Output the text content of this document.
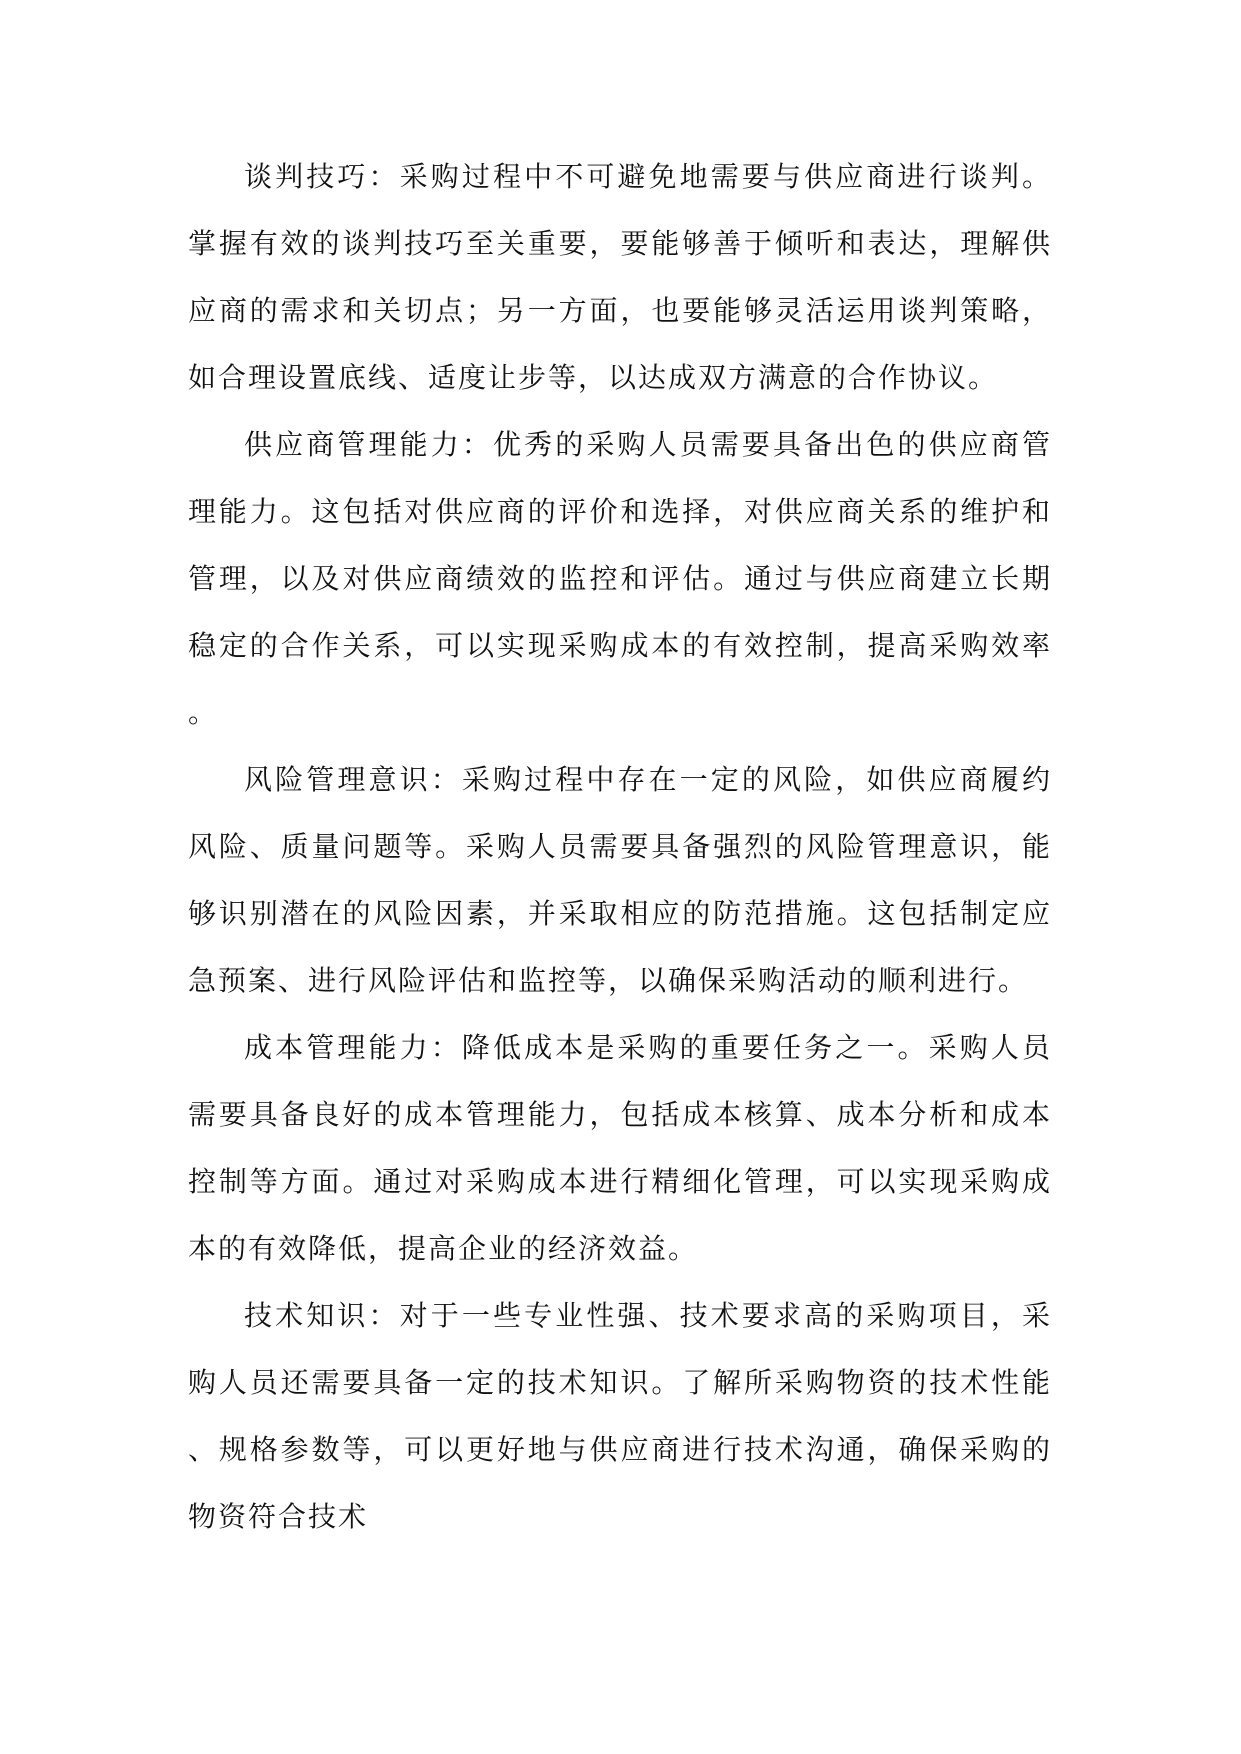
谈判技巧：采购过程中不可避免地需要与供应商进行谈判。掌握有效的谈判技巧至关重要，要能够善于倾听和表达，理解供应商的需求和关切点；另一方面，也要能够灵活运用谈判策略，如合理设置底线、适度让步等，以达成双方满意的合作协议。

供应商管理能力：优秀的采购人员需要具备出色的供应商管理能力。这包括对供应商的评价和选择，对供应商关系的维护和管理，以及对供应商绩效的监控和评估。通过与供应商建立长期稳定的合作关系，可以实现采购成本的有效控制，提高采购效率。

风险管理意识：采购过程中存在一定的风险，如供应商履约风险、质量问题等。采购人员需要具备强烈的风险管理意识，能够识别潜在的风险因素，并采取相应的防范措施。这包括制定应急预案、进行风险评估和监控等，以确保采购活动的顺利进行。

成本管理能力：降低成本是采购的重要任务之一。采购人员需要具备良好的成本管理能力，包括成本核算、成本分析和成本控制等方面。通过对采购成本进行精细化管理，可以实现采购成本的有效降低，提高企业的经济效益。

技术知识：对于一些专业性强、技术要求高的采购项目，采购人员还需要具备一定的技术知识。了解所采购物资的技术性能、规格参数等，可以更好地与供应商进行技术沟通，确保采购的物资符合技术
